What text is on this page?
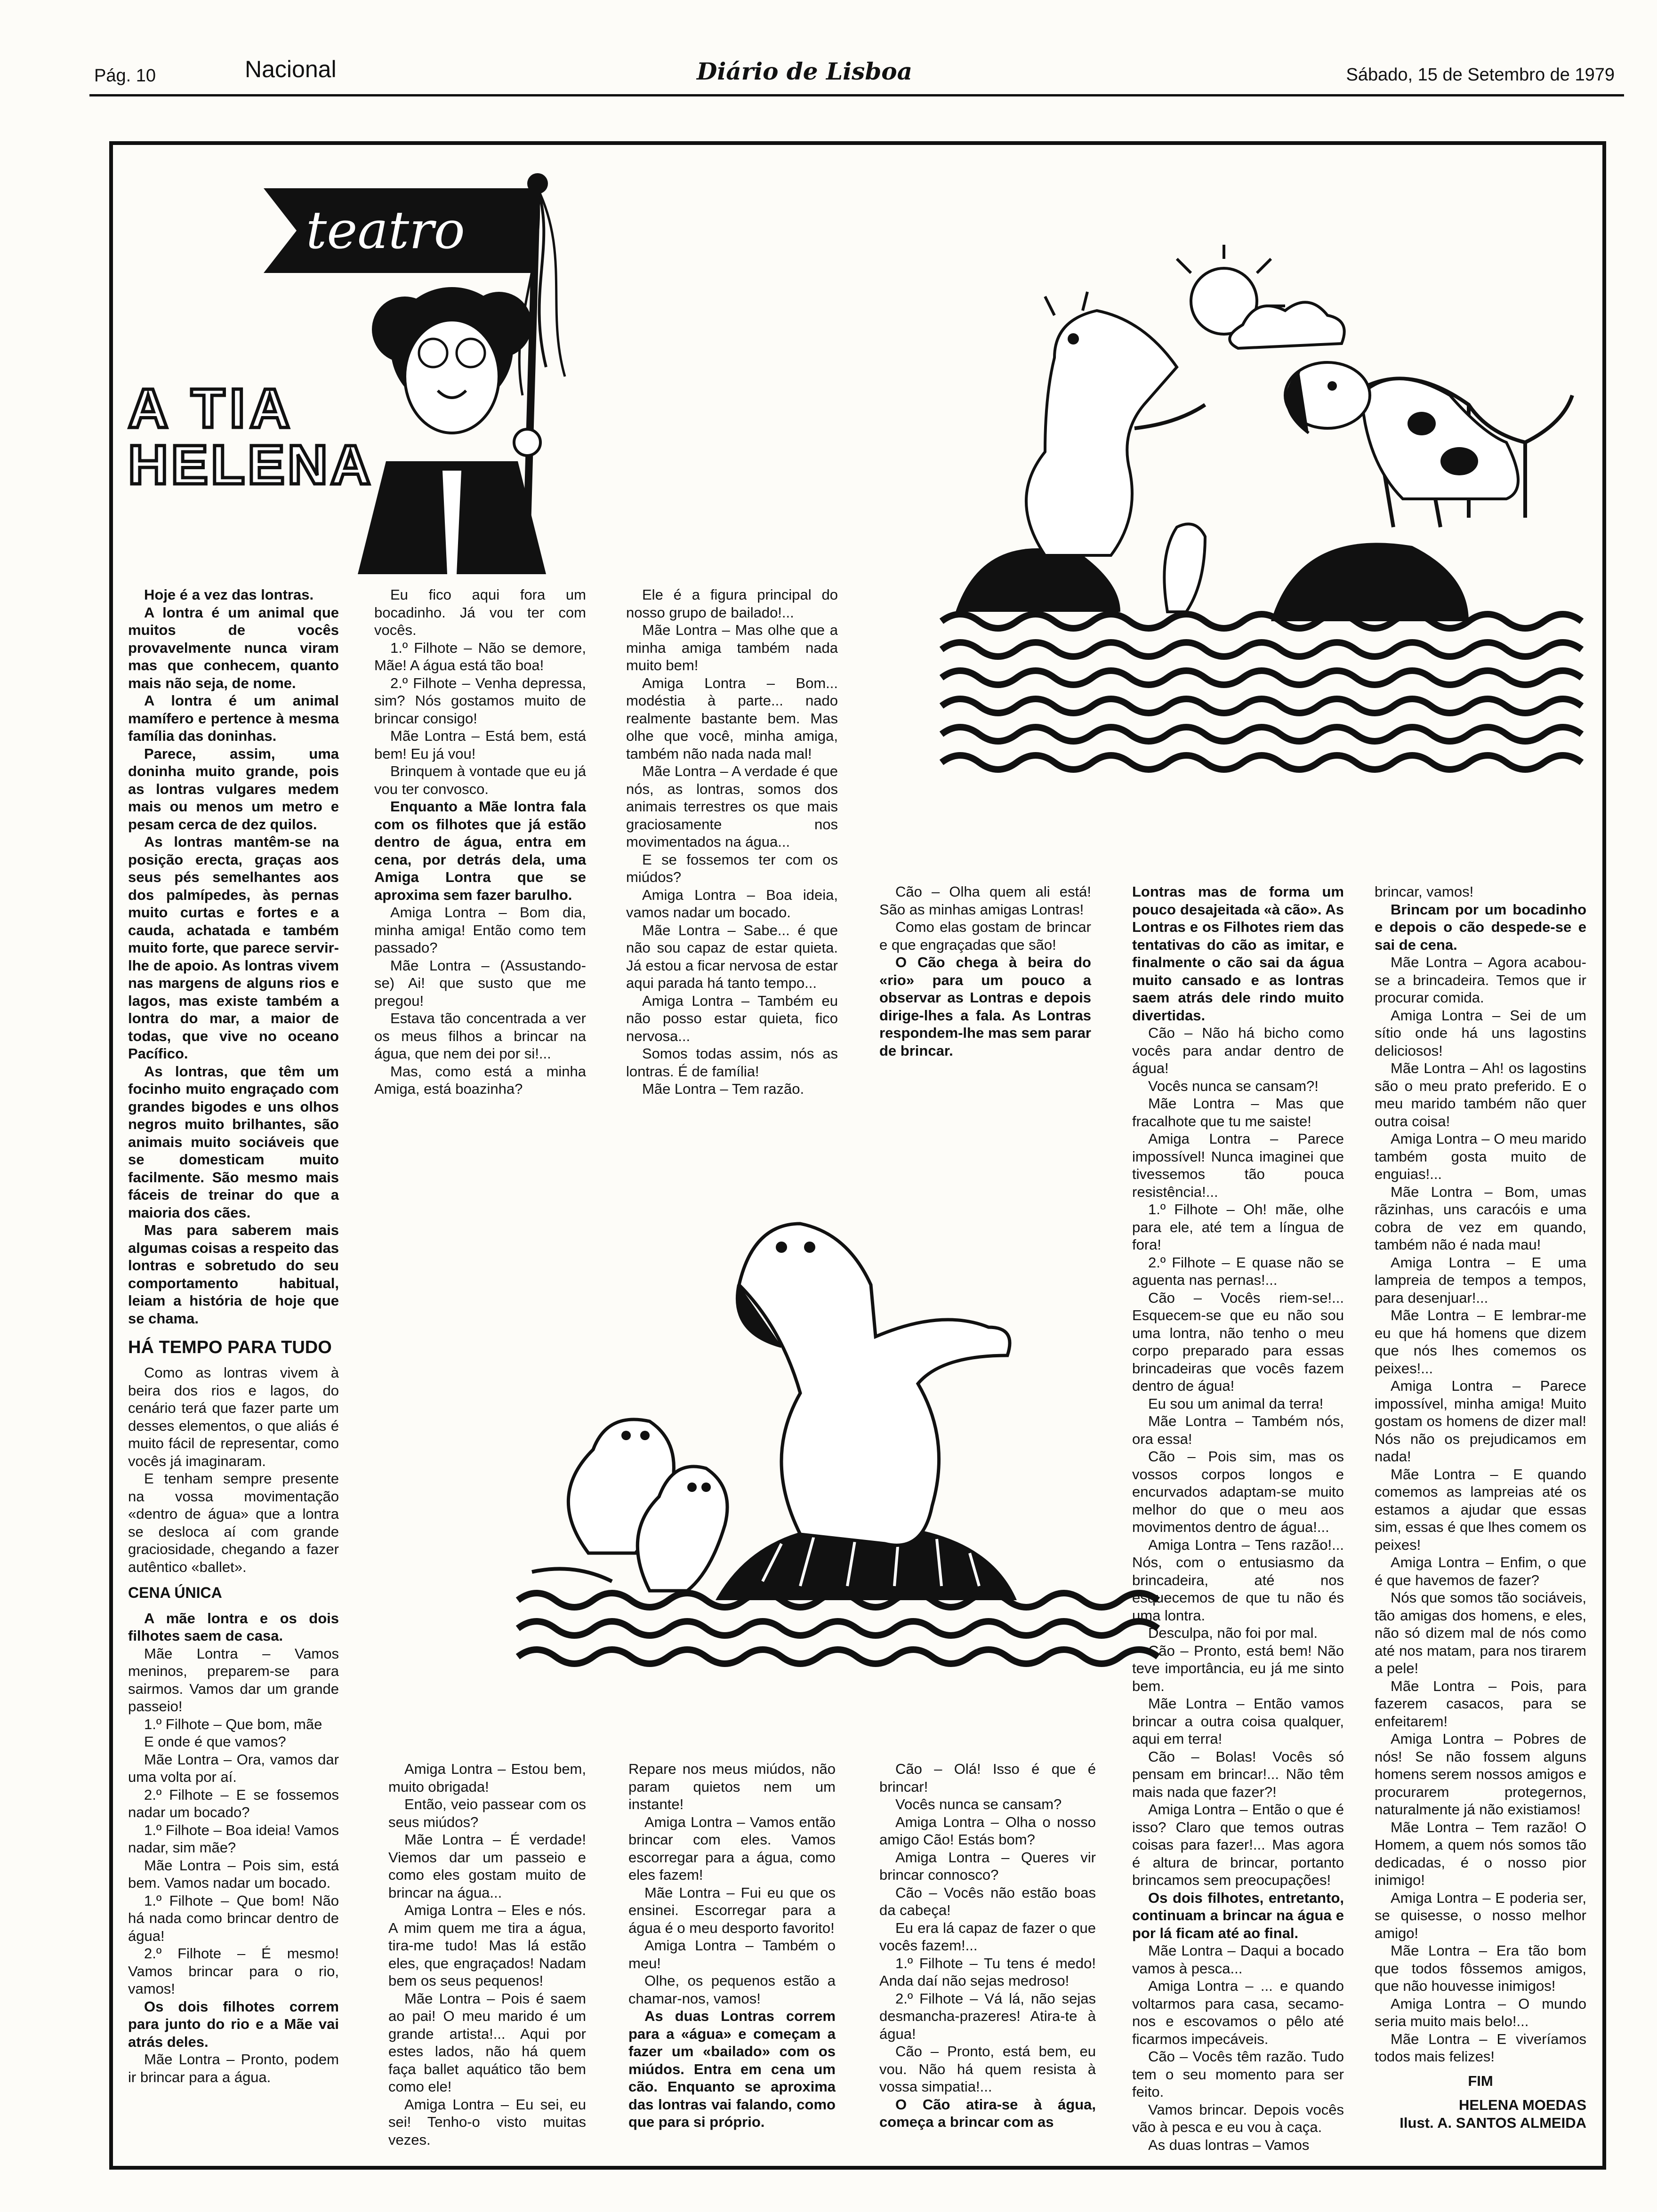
Pág. 10	Nacional	Diário de Lisboa	Sábado, 15 de Setembro de 1979
teatro
A TIA
HELENA

Hoje é a vez das lontras.

A lontra é um animal que muitos de vocês provavelmente nunca viram mas que conhecem, quanto mais não seja, de nome.

A lontra é um animal mamífero e pertence à mesma família das doninhas.

Parece, assim, uma doninha muito grande, pois as lontras vulgares medem mais ou menos um metro e pesam cerca de dez quilos.

As lontras mantêm-se na posição erecta, graças aos seus pés semelhantes aos dos palmípedes, às pernas muito curtas e fortes e a cauda, achatada e também muito forte, que parece servir-lhe de apoio. As lontras vivem nas margens de alguns rios e lagos, mas existe também a lontra do mar, a maior de todas, que vive no oceano Pacífico.

As lontras, que têm um focinho muito engraçado com grandes bigodes e uns olhos negros muito brilhantes, são animais muito sociáveis que se domesticam muito facilmente. São mesmo mais fáceis de treinar do que a maioria dos cães.

Mas para saberem mais algumas coisas a respeito das lontras e sobretudo do seu comportamento habitual, leiam a história de hoje que se chama.

HÁ TEMPO PARA TUDO

Como as lontras vivem à beira dos rios e lagos, do cenário terá que fazer parte um desses elementos, o que aliás é muito fácil de representar, como vocês já imaginaram.

E tenham sempre presente na vossa movimentação «dentro de água» que a lontra se desloca aí com grande graciosidade, chegando a fazer autêntico «ballet».

CENA ÚNICA

A mãe lontra e os dois filhotes saem de casa.

Mãe Lontra – Vamos meninos, preparem-se para sairmos. Vamos dar um grande passeio!

1.º Filhote – Que bom, mãe

E onde é que vamos?

Mãe Lontra – Ora, vamos dar uma volta por aí.

2.º Filhote – E se fossemos nadar um bocado?

1.º Filhote – Boa ideia! Vamos nadar, sim mãe?

Mãe Lontra – Pois sim, está bem. Vamos nadar um bocado.

1.º Filhote – Que bom! Não há nada como brincar dentro de água!

2.º Filhote – É mesmo! Vamos brincar para o rio, vamos!

Os dois filhotes correm para junto do rio e a Mãe vai atrás deles.

Mãe Lontra – Pronto, podem ir brincar para a água.

Eu fico aqui fora um bocadinho. Já vou ter com vocês.

1.º Filhote – Não se demore, Mãe! A água está tão boa!

2.º Filhote – Venha depressa, sim? Nós gostamos muito de brincar consigo!

Mãe Lontra – Está bem, está bem! Eu já vou!

Brinquem à vontade que eu já vou ter convosco.

Enquanto a Mãe lontra fala com os filhotes que já estão dentro de água, entra em cena, por detrás dela, uma Amiga Lontra que se aproxima sem fazer barulho.

Amiga Lontra – Bom dia, minha amiga! Então como tem passado?

Mãe Lontra – (Assustando-se) Ai! que susto que me pregou!

Estava tão concentrada a ver os meus filhos a brincar na água, que nem dei por si!...

Mas, como está a minha Amiga, está boazinha?

Ele é a figura principal do nosso grupo de bailado!...

Mãe Lontra – Mas olhe que a minha amiga também nada muito bem!

Amiga Lontra – Bom... modéstia à parte... nado realmente bastante bem. Mas olhe que você, minha amiga, também não nada nada mal!

Mãe Lontra – A verdade é que nós, as lontras, somos dos animais terrestres os que mais graciosamente nos movimentados na água...

E se fossemos ter com os miúdos?

Amiga Lontra – Boa ideia, vamos nadar um bocado.

Mãe Lontra – Sabe... é que não sou capaz de estar quieta. Já estou a ficar nervosa de estar aqui parada há tanto tempo...

Amiga Lontra – Também eu não posso estar quieta, fico nervosa...

Somos todas assim, nós as lontras. É de família!

Mãe Lontra – Tem razão.

Cão – Olha quem ali está! São as minhas amigas Lontras!

Como elas gostam de brincar e que engraçadas que são!

O Cão chega à beira do «rio» para um pouco a observar as Lontras e depois dirige-lhes a fala. As Lontras respondem-lhe mas sem parar de brincar.

Lontras mas de forma um pouco desajeitada «à cão». As Lontras e os Filhotes riem das tentativas do cão as imitar, e finalmente o cão sai da água muito cansado e as lontras saem atrás dele rindo muito divertidas.

Cão – Não há bicho como vocês para andar dentro de água!

Vocês nunca se cansam?!

Mãe Lontra – Mas que fracalhote que tu me saiste!

Amiga Lontra – Parece impossível! Nunca imaginei que tivessemos tão pouca resistência!...

1.º Filhote – Oh! mãe, olhe para ele, até tem a língua de fora!

2.º Filhote – E quase não se aguenta nas pernas!...

Cão – Vocês riem-se!... Esquecem-se que eu não sou uma lontra, não tenho o meu corpo preparado para essas brincadeiras que vocês fazem dentro de água!

Eu sou um animal da terra!

Mãe Lontra – Também nós, ora essa!

Cão – Pois sim, mas os vossos corpos longos e encurvados adaptam-se muito melhor do que o meu aos movimentos dentro de água!...

Amiga Lontra – Tens razão!... Nós, com o entusiasmo da brincadeira, até nos esquecemos de que tu não és uma lontra.

Desculpa, não foi por mal.

Cão – Pronto, está bem! Não teve importância, eu já me sinto bem.

Mãe Lontra – Então vamos brincar a outra coisa qualquer, aqui em terra!

Cão – Bolas! Vocês só pensam em brincar!... Não têm mais nada que fazer?!

Amiga Lontra – Então o que é isso? Claro que temos outras coisas para fazer!... Mas agora é altura de brincar, portanto brincamos sem preocupações!

Os dois filhotes, entretanto, continuam a brincar na água e por lá ficam até ao final.

Mãe Lontra – Daqui a bocado vamos à pesca...

Amiga Lontra – ... e quando voltarmos para casa, secamo-nos e escovamos o pêlo até ficarmos impecáveis.

Cão – Vocês têm razão. Tudo tem o seu momento para ser feito.

Vamos brincar. Depois vocês vão à pesca e eu vou à caça.

As duas lontras – Vamos

brincar, vamos!

Brincam por um bocadinho e depois o cão despede-se e sai de cena.

Mãe Lontra – Agora acabou-se a brincadeira. Temos que ir procurar comida.

Amiga Lontra – Sei de um sítio onde há uns lagostins deliciosos!

Mãe Lontra – Ah! os lagostins são o meu prato preferido. E o meu marido também não quer outra coisa!

Amiga Lontra – O meu marido também gosta muito de enguias!...

Mãe Lontra – Bom, umas rãzinhas, uns caracóis e uma cobra de vez em quando, também não é nada mau!

Amiga Lontra – E uma lampreia de tempos a tempos, para desenjuar!...

Mãe Lontra – E lembrar-me eu que há homens que dizem que nós lhes comemos os peixes!...

Amiga Lontra – Parece impossível, minha amiga! Muito gostam os homens de dizer mal! Nós não os prejudicamos em nada!

Mãe Lontra – E quando comemos as lampreias até os estamos a ajudar que essas sim, essas é que lhes comem os peixes!

Amiga Lontra – Enfim, o que é que havemos de fazer?

Nós que somos tão sociáveis, tão amigas dos homens, e eles, não só dizem mal de nós como até nos matam, para nos tirarem a pele!

Mãe Lontra – Pois, para fazerem casacos, para se enfeitarem!

Amiga Lontra – Pobres de nós! Se não fossem alguns homens serem nossos amigos e procurarem protegernos, naturalmente já não existiamos!

Mãe Lontra – Tem razão! O Homem, a quem nós somos tão dedicadas, é o nosso pior inimigo!

Amiga Lontra – E poderia ser, se quisesse, o nosso melhor amigo!

Mãe Lontra – Era tão bom que todos fôssemos amigos, que não houvesse inimigos!

Amiga Lontra – O mundo seria muito mais belo!...

Mãe Lontra – E viveríamos todos mais felizes!

FIM

HELENA MOEDAS
Ilust. A. SANTOS ALMEIDA

Amiga Lontra – Estou bem, muito obrigada!

Então, veio passear com os seus miúdos?

Mãe Lontra – É verdade! Viemos dar um passeio e como eles gostam muito de brincar na água...

Amiga Lontra – Eles e nós. A mim quem me tira a água, tira-me tudo! Mas lá estão eles, que engraçados! Nadam bem os seus pequenos!

Mãe Lontra – Pois é saem ao pai! O meu marido é um grande artista!... Aqui por estes lados, não há quem faça ballet aquático tão bem como ele!

Amiga Lontra – Eu sei, eu sei! Tenho-o visto muitas vezes.

Repare nos meus miúdos, não param quietos nem um instante!

Amiga Lontra – Vamos então brincar com eles. Vamos escorregar para a água, como eles fazem!

Mãe Lontra – Fui eu que os ensinei. Escorregar para a água é o meu desporto favorito!

Amiga Lontra – Também o meu!

Olhe, os pequenos estão a chamar-nos, vamos!

As duas Lontras correm para a «água» e começam a fazer um «bailado» com os miúdos. Entra em cena um cão. Enquanto se aproxima das lontras vai falando, como que para si próprio.

Cão – Olá! Isso é que é brincar!

Vocês nunca se cansam?

Amiga Lontra – Olha o nosso amigo Cão! Estás bom?

Amiga Lontra – Queres vir brincar connosco?

Cão – Vocês não estão boas da cabeça!

Eu era lá capaz de fazer o que vocês fazem!...

1.º Filhote – Tu tens é medo! Anda daí não sejas medroso!

2.º Filhote – Vá lá, não sejas desmancha-prazeres! Atira-te à água!

Cão – Pronto, está bem, eu vou. Não há quem resista à vossa simpatia!...

O Cão atira-se à água, começa a brincar com as
